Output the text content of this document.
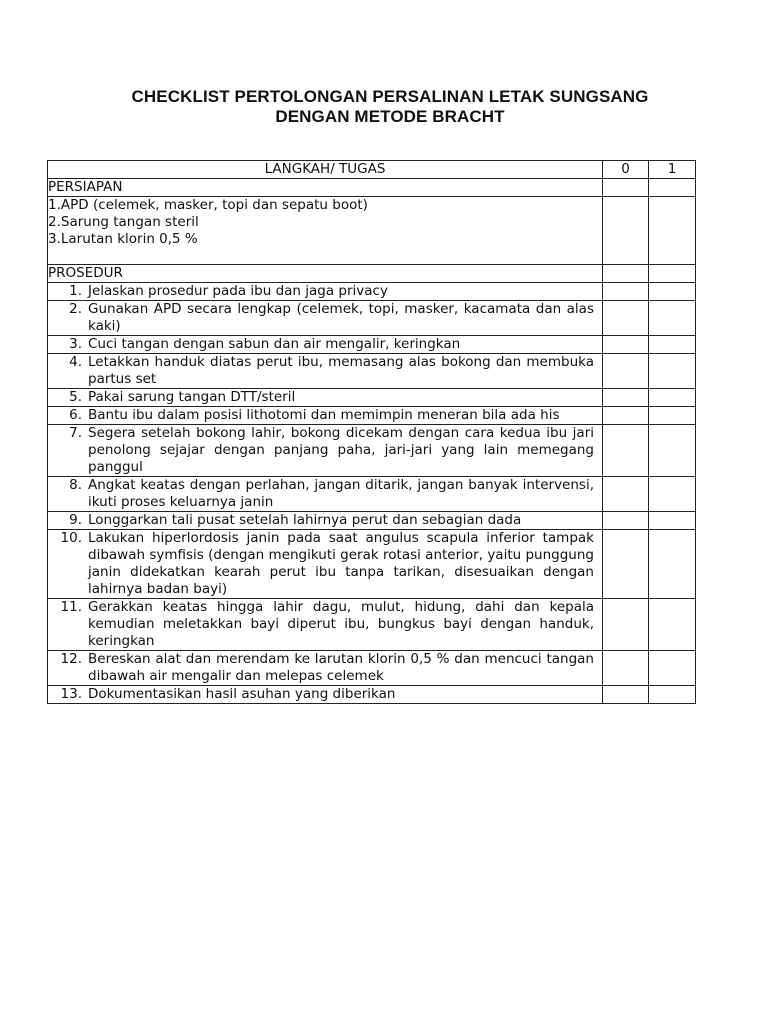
CHECKLIST PERTOLONGAN PERSALINAN LETAK SUNGSANG
DENGAN METODE BRACHT
LANGKAH/ TUGAS	0	1
PERSIAPAN		

1.APD (celemek, masker, topi dan sepatu boot)
2.Sarung tangan steril
3.Larutan klorin 0,5 %		

PROSEDUR		

1. Jelaskan prosedur pada ibu dan jaga privacy		

2. Gunakan APD secara lengkap (celemek, topi, masker, kacamata dan alas kaki)		

3. Cuci tangan dengan sabun dan air mengalir, keringkan		

4. Letakkan handuk diatas perut ibu, memasang alas bokong dan membuka partus set		

5. Pakai sarung tangan DTT/steril		

6. Bantu ibu dalam posisi lithotomi dan memimpin meneran bila ada his		

7. Segera setelah bokong lahir, bokong dicekam dengan cara kedua ibu jari penolong sejajar dengan panjang paha, jari-jari yang lain memegang panggul		

8. Angkat keatas dengan perlahan, jangan ditarik, jangan banyak intervensi, ikuti proses keluarnya janin		

9. Longgarkan tali pusat setelah lahirnya perut dan sebagian dada		

10. Lakukan hiperlordosis janin pada saat angulus scapula inferior tampak dibawah symfisis (dengan mengikuti gerak rotasi anterior, yaitu punggung janin didekatkan kearah perut ibu tanpa tarikan, disesuaikan dengan lahirnya badan bayi)		

11. Gerakkan keatas hingga lahir dagu, mulut, hidung, dahi dan kepala kemudian meletakkan bayi diperut ibu, bungkus bayi dengan handuk, keringkan		

12. Bereskan alat dan merendam ke larutan klorin 0,5 % dan mencuci tangan dibawah air mengalir dan melepas celemek		

13. Dokumentasikan hasil asuhan yang diberikan		
